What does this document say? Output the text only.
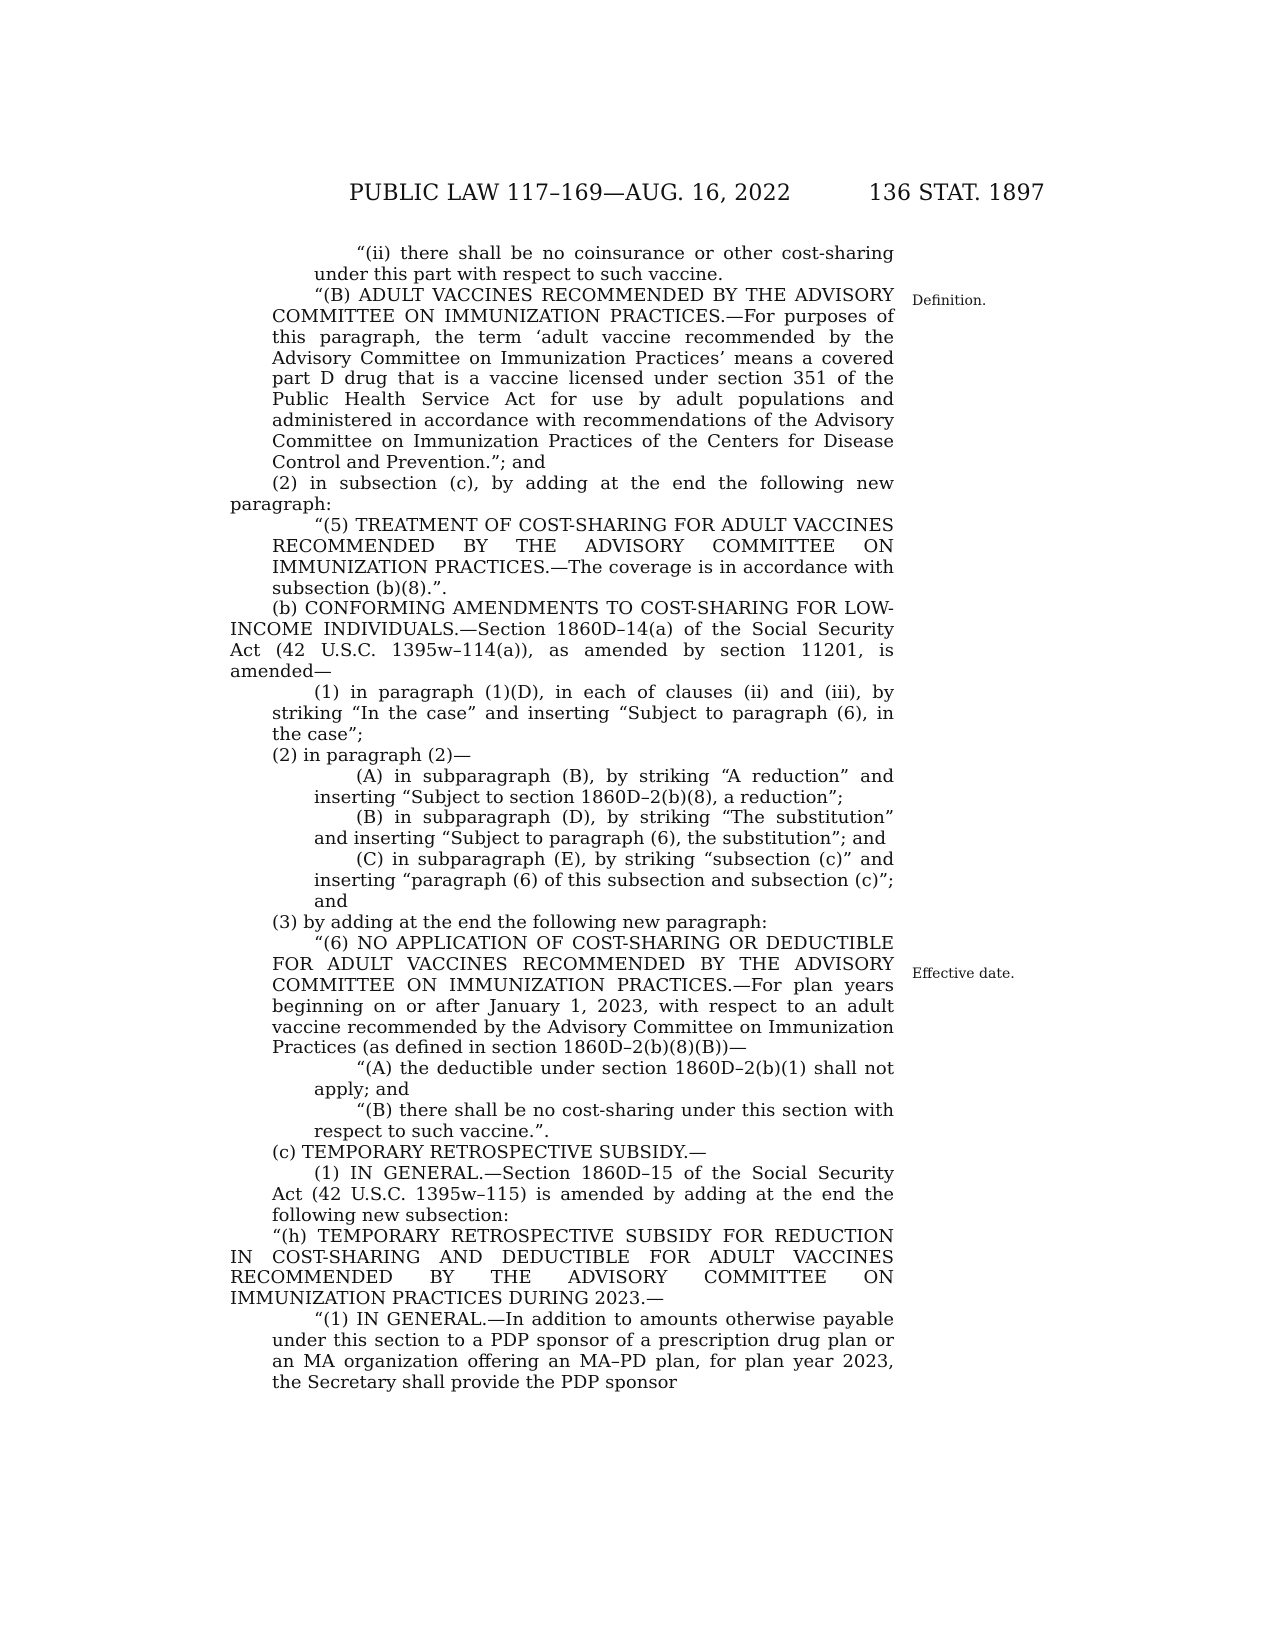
PUBLIC LAW 117–169—AUG. 16, 2022	136 STAT. 1897
Definition.
Effective date.

“(ii) there shall be no coinsurance or other cost-sharing under this part with respect to such vaccine.

“(B) ADULT VACCINES RECOMMENDED BY THE ADVISORY COMMITTEE ON IMMUNIZATION PRACTICES.—For purposes of this paragraph, the term ‘adult vaccine recommended by the Advisory Committee on Immunization Practices’ means a covered part D drug that is a vaccine licensed under section 351 of the Public Health Service Act for use by adult populations and administered in accordance with recommendations of the Advisory Committee on Immunization Practices of the Centers for Disease Control and Prevention.”; and

(2) in subsection (c), by adding at the end the following new paragraph:

“(5) TREATMENT OF COST-SHARING FOR ADULT VACCINES RECOMMENDED BY THE ADVISORY COMMITTEE ON IMMUNIZATION PRACTICES.—The coverage is in accordance with subsection (b)(8).”.

(b) CONFORMING AMENDMENTS TO COST-SHARING FOR LOW-INCOME INDIVIDUALS.—Section 1860D–14(a) of the Social Security Act (42 U.S.C. 1395w–114(a)), as amended by section 11201, is amended—

(1) in paragraph (1)(D), in each of clauses (ii) and (iii), by striking “In the case” and inserting “Subject to paragraph (6), in the case”;

(2) in paragraph (2)—

(A) in subparagraph (B), by striking “A reduction” and inserting “Subject to section 1860D–2(b)(8), a reduction”;

(B) in subparagraph (D), by striking “The substitution” and inserting “Subject to paragraph (6), the substitution”; and

(C) in subparagraph (E), by striking “subsection (c)” and inserting “paragraph (6) of this subsection and subsection (c)”; and

(3) by adding at the end the following new paragraph:

“(6) NO APPLICATION OF COST-SHARING OR DEDUCTIBLE FOR ADULT VACCINES RECOMMENDED BY THE ADVISORY COMMITTEE ON IMMUNIZATION PRACTICES.—For plan years beginning on or after January 1, 2023, with respect to an adult vaccine recommended by the Advisory Committee on Immunization Practices (as defined in section 1860D–2(b)(8)(B))—

“(A) the deductible under section 1860D–2(b)(1) shall not apply; and

“(B) there shall be no cost-sharing under this section with respect to such vaccine.”.

(c) TEMPORARY RETROSPECTIVE SUBSIDY.—

(1) IN GENERAL.—Section 1860D–15 of the Social Security Act (42 U.S.C. 1395w–115) is amended by adding at the end the following new subsection:

“(h) TEMPORARY RETROSPECTIVE SUBSIDY FOR REDUCTION IN COST-SHARING AND DEDUCTIBLE FOR ADULT VACCINES RECOMMENDED BY THE ADVISORY COMMITTEE ON IMMUNIZATION PRACTICES DURING 2023.—

“(1) IN GENERAL.—In addition to amounts otherwise payable under this section to a PDP sponsor of a prescription drug plan or an MA organization offering an MA–PD plan, for plan year 2023, the Secretary shall provide the PDP sponsor
